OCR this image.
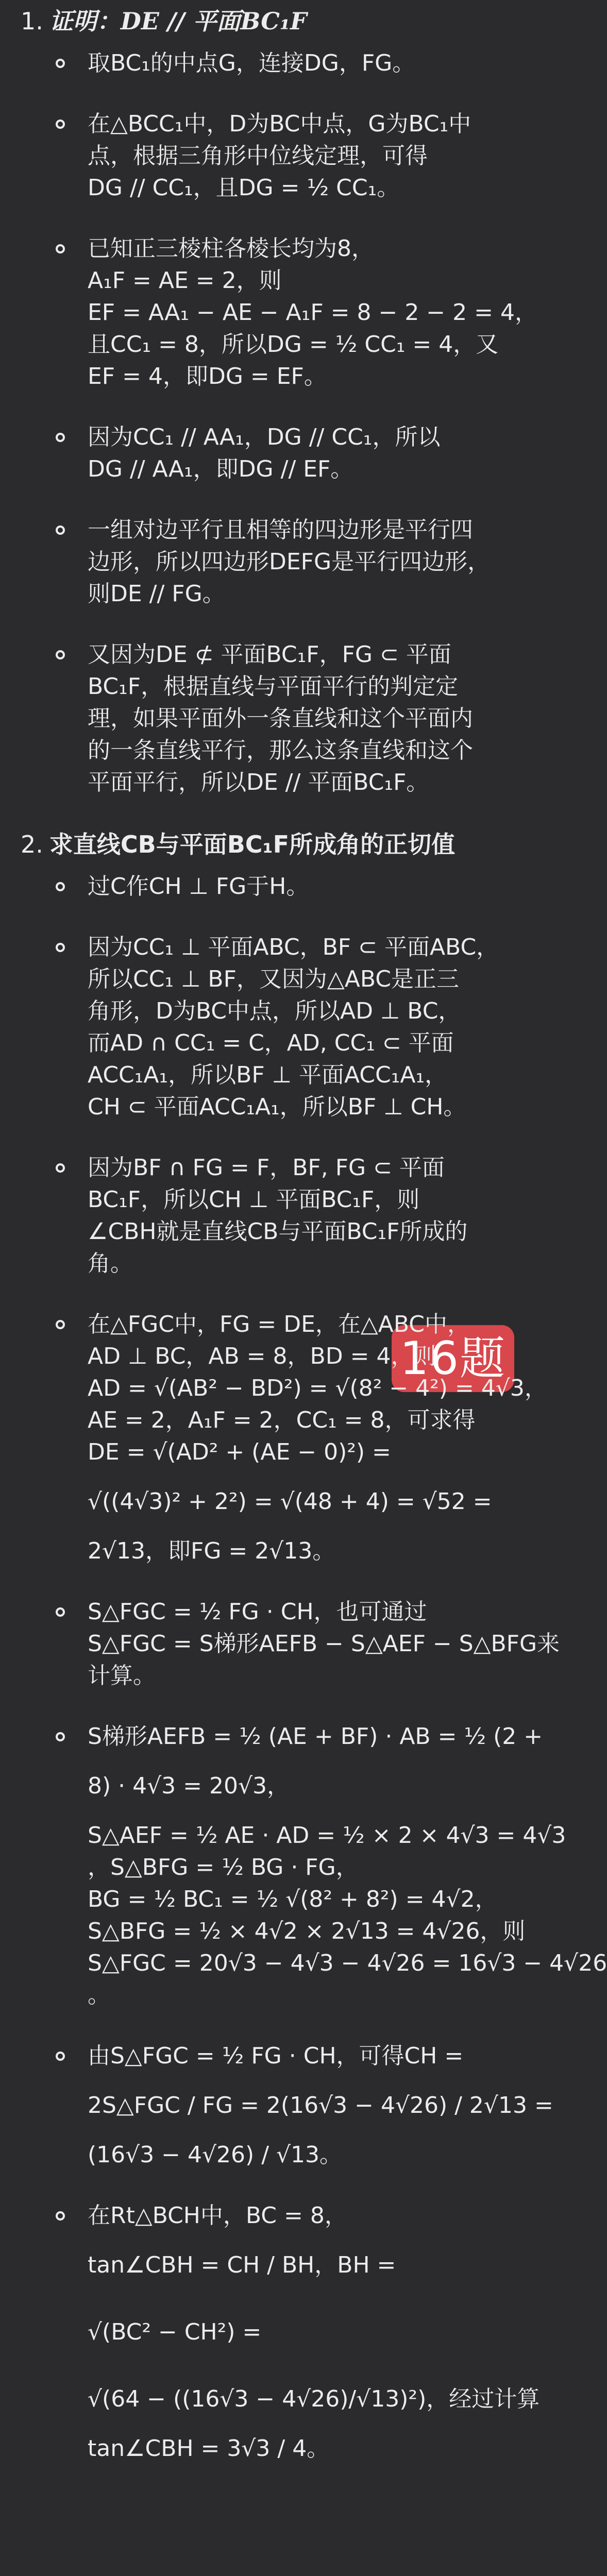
16题
1. 证明：DE // 平面BC₁F
取BC₁的中点G，连接DG，FG。
在△BCC₁中，D为BC中点，G为BC₁中
点，根据三角形中位线定理，可得
DG // CC₁，且DG = ½ CC₁。
已知正三棱柱各棱长均为8，
A₁F = AE = 2，则
EF = AA₁ − AE − A₁F = 8 − 2 − 2 = 4，
且CC₁ = 8，所以DG = ½ CC₁ = 4，又
EF = 4，即DG = EF。
因为CC₁ // AA₁，DG // CC₁，所以
DG // AA₁，即DG // EF。
一组对边平行且相等的四边形是平行四
边形，所以四边形DEFG是平行四边形，
则DE // FG。
又因为DE ⊄ 平面BC₁F，FG ⊂ 平面
BC₁F，根据直线与平面平行的判定定
理，如果平面外一条直线和这个平面内
的一条直线平行，那么这条直线和这个
平面平行，所以DE // 平面BC₁F。
2. 求直线CB与平面BC₁F所成角的正切值
过C作CH ⊥ FG于H。
因为CC₁ ⊥ 平面ABC，BF ⊂ 平面ABC，
所以CC₁ ⊥ BF，又因为△ABC是正三
角形，D为BC中点，所以AD ⊥ BC，
而AD ∩ CC₁ = C，AD, CC₁ ⊂ 平面
ACC₁A₁，所以BF ⊥ 平面ACC₁A₁，
CH ⊂ 平面ACC₁A₁，所以BF ⊥ CH。
因为BF ∩ FG = F，BF, FG ⊂ 平面
BC₁F，所以CH ⊥ 平面BC₁F，则
∠CBH就是直线CB与平面BC₁F所成的
角。
在△FGC中，FG = DE，在△ABC中，
AD ⊥ BC，AB = 8，BD = 4，则
AD = √(AB² − BD²) = √(8² − 4²) = 4√3，
AE = 2，A₁F = 2，CC₁ = 8，可求得
DE = √(AD² + (AE − 0)²) =
√((4√3)² + 2²) = √(48 + 4) = √52 =
2√13，即FG = 2√13。
S△FGC = ½ FG · CH，也可通过
S△FGC = S梯形AEFB − S△AEF − S△BFG来
计算。
S梯形AEFB = ½ (AE + BF) · AB = ½ (2 +
8) · 4√3 = 20√3，
S△AEF = ½ AE · AD = ½ × 2 × 4√3 = 4√3
，S△BFG = ½ BG · FG，
BG = ½ BC₁ = ½ √(8² + 8²) = 4√2，
S△BFG = ½ × 4√2 × 2√13 = 4√26，则
S△FGC = 20√3 − 4√3 − 4√26 = 16√3 − 4√26
。
由S△FGC = ½ FG · CH，可得CH =
2S△FGC / FG = 2(16√3 − 4√26) / 2√13 =
(16√3 − 4√26) / √13。
在Rt△BCH中，BC = 8，
tan∠CBH = CH / BH，BH =
√(BC² − CH²) =
√(64 − ((16√3 − 4√26)/√13)²)，经过计算
tan∠CBH = 3√3 / 4。
